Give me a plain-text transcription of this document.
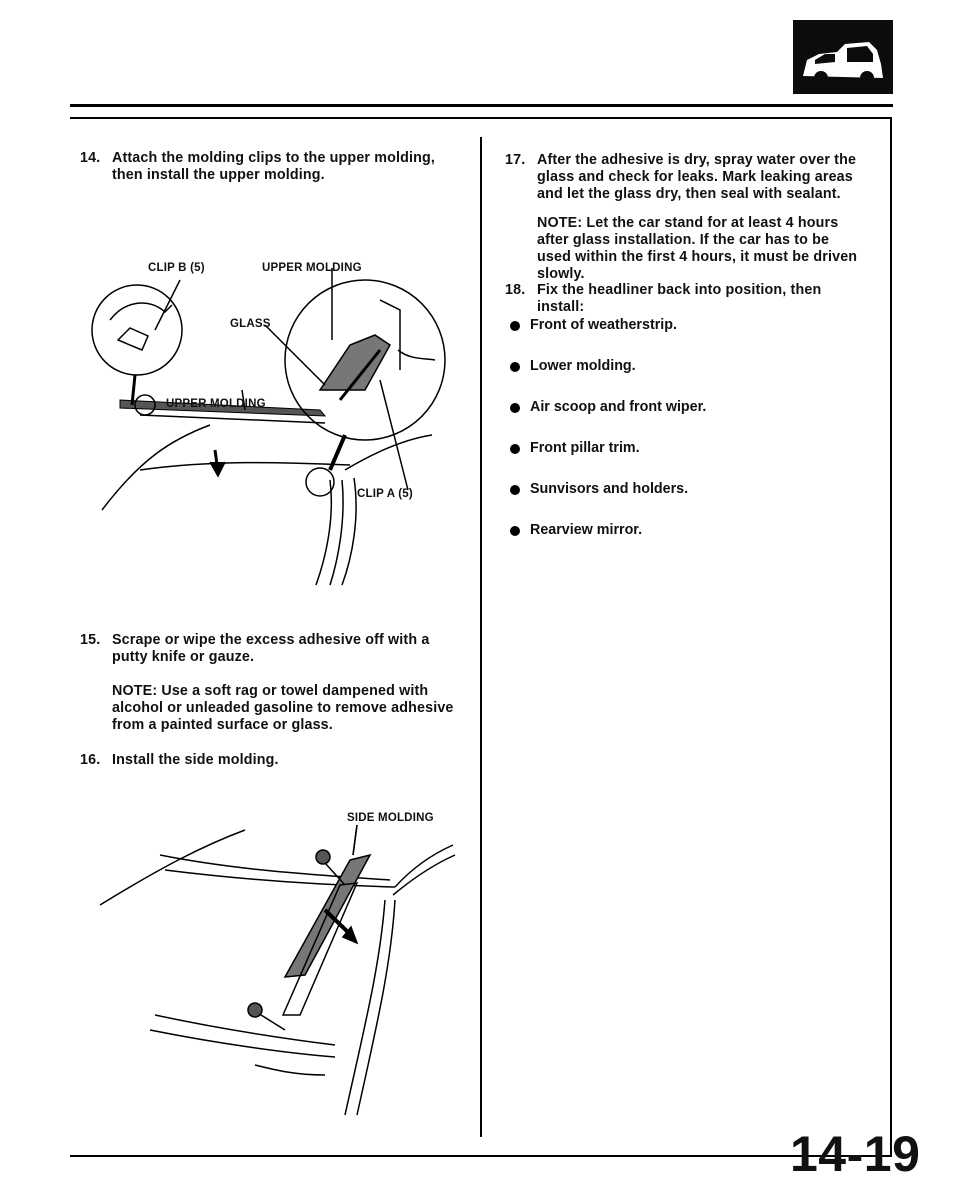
14. Attach the molding clips to the upper molding, then install the upper molding.
CLIP B (5)	UPPER MOLDING
GLASS
UPPER MOLDING
CLIP A (5)
15. Scrape or wipe the excess adhesive off with a putty knife or gauze.
NOTE: Use a soft rag or towel dampened with alcohol or unleaded gasoline to remove adhesive from a painted surface or glass.
16. Install the side molding.
SIDE MOLDING
17. After the adhesive is dry, spray water over the glass and check for leaks. Mark leaking areas and let the glass dry, then seal with sealant.
NOTE: Let the car stand for at least 4 hours after glass installation. If the car has to be used within the first 4 hours, it must be driven slowly.
18. Fix the headliner back into position, then install:
Front of weatherstrip.
Lower molding.
Air scoop and front wiper.
Front pillar trim.
Sunvisors and holders.
Rearview mirror.
14-19
